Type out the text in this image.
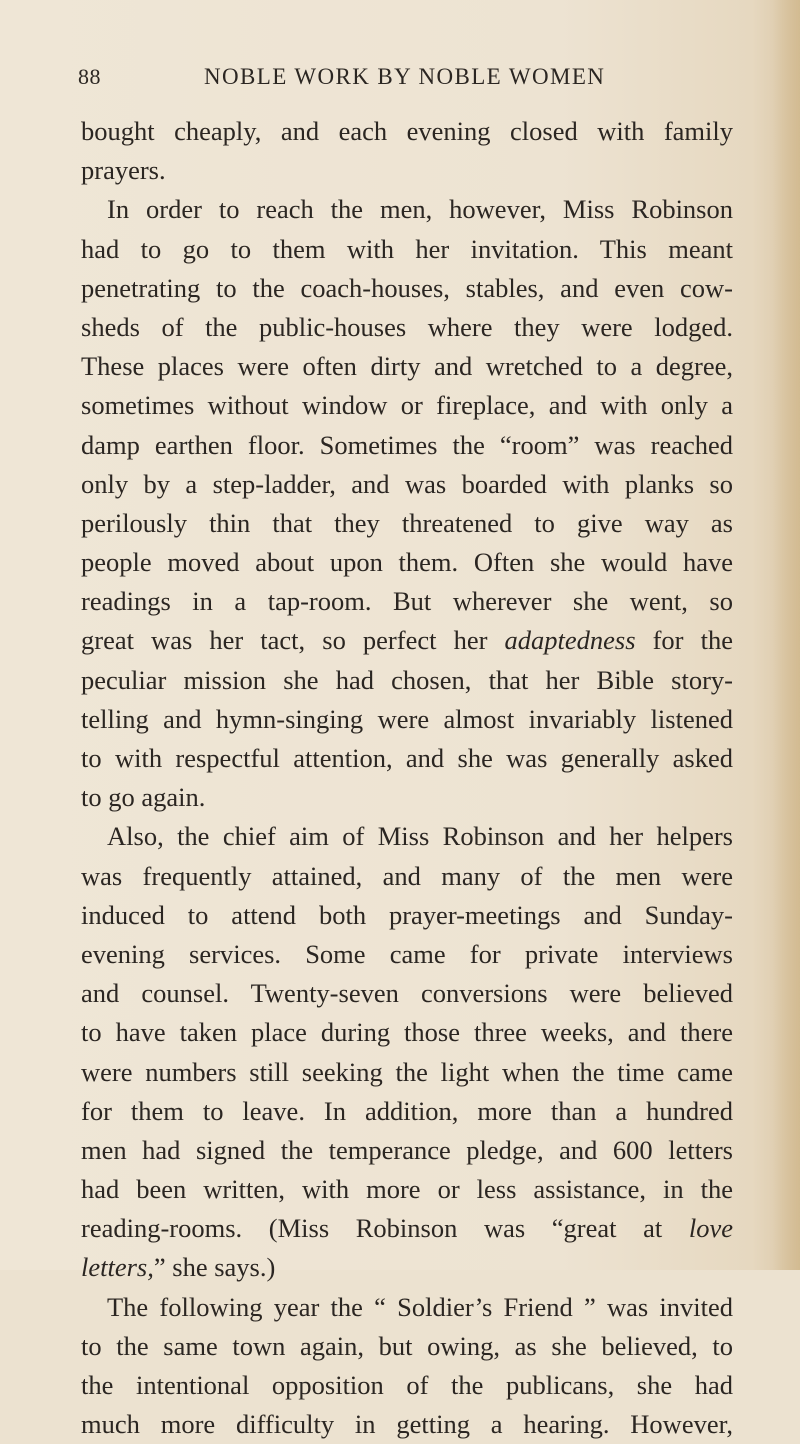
88	NOBLE WORK BY NOBLE WOMEN
bought cheaply, and each evening closed with family
prayers.
In order to reach the men, however, Miss Robinson
had to go to them with her invitation. This meant
penetrating to the coach-houses, stables, and even cow-
sheds of the public-houses where they were lodged.
These places were often dirty and wretched to a degree,
sometimes without window or fireplace, and with only a
damp earthen floor. Sometimes the “room” was reached
only by a step-ladder, and was boarded with planks so
perilously thin that they threatened to give way as
people moved about upon them. Often she would have
readings in a tap-room. But wherever she went, so
great was her tact, so perfect her adaptedness for the
peculiar mission she had chosen, that her Bible story-
telling and hymn-singing were almost invariably listened
to with respectful attention, and she was generally asked
to go again.
Also, the chief aim of Miss Robinson and her helpers
was frequently attained, and many of the men were
induced to attend both prayer-meetings and Sunday-
evening services. Some came for private interviews
and counsel. Twenty-seven conversions were believed
to have taken place during those three weeks, and there
were numbers still seeking the light when the time came
for them to leave. In addition, more than a hundred
men had signed the temperance pledge, and 600 letters
had been written, with more or less assistance, in the
reading-rooms. (Miss Robinson was “great at love
letters,” she says.)
The following year the “ Soldier’s Friend ” was invited
to the same town again, but owing, as she believed, to
the intentional opposition of the publicans, she had
much more difficulty in getting a hearing. However,
